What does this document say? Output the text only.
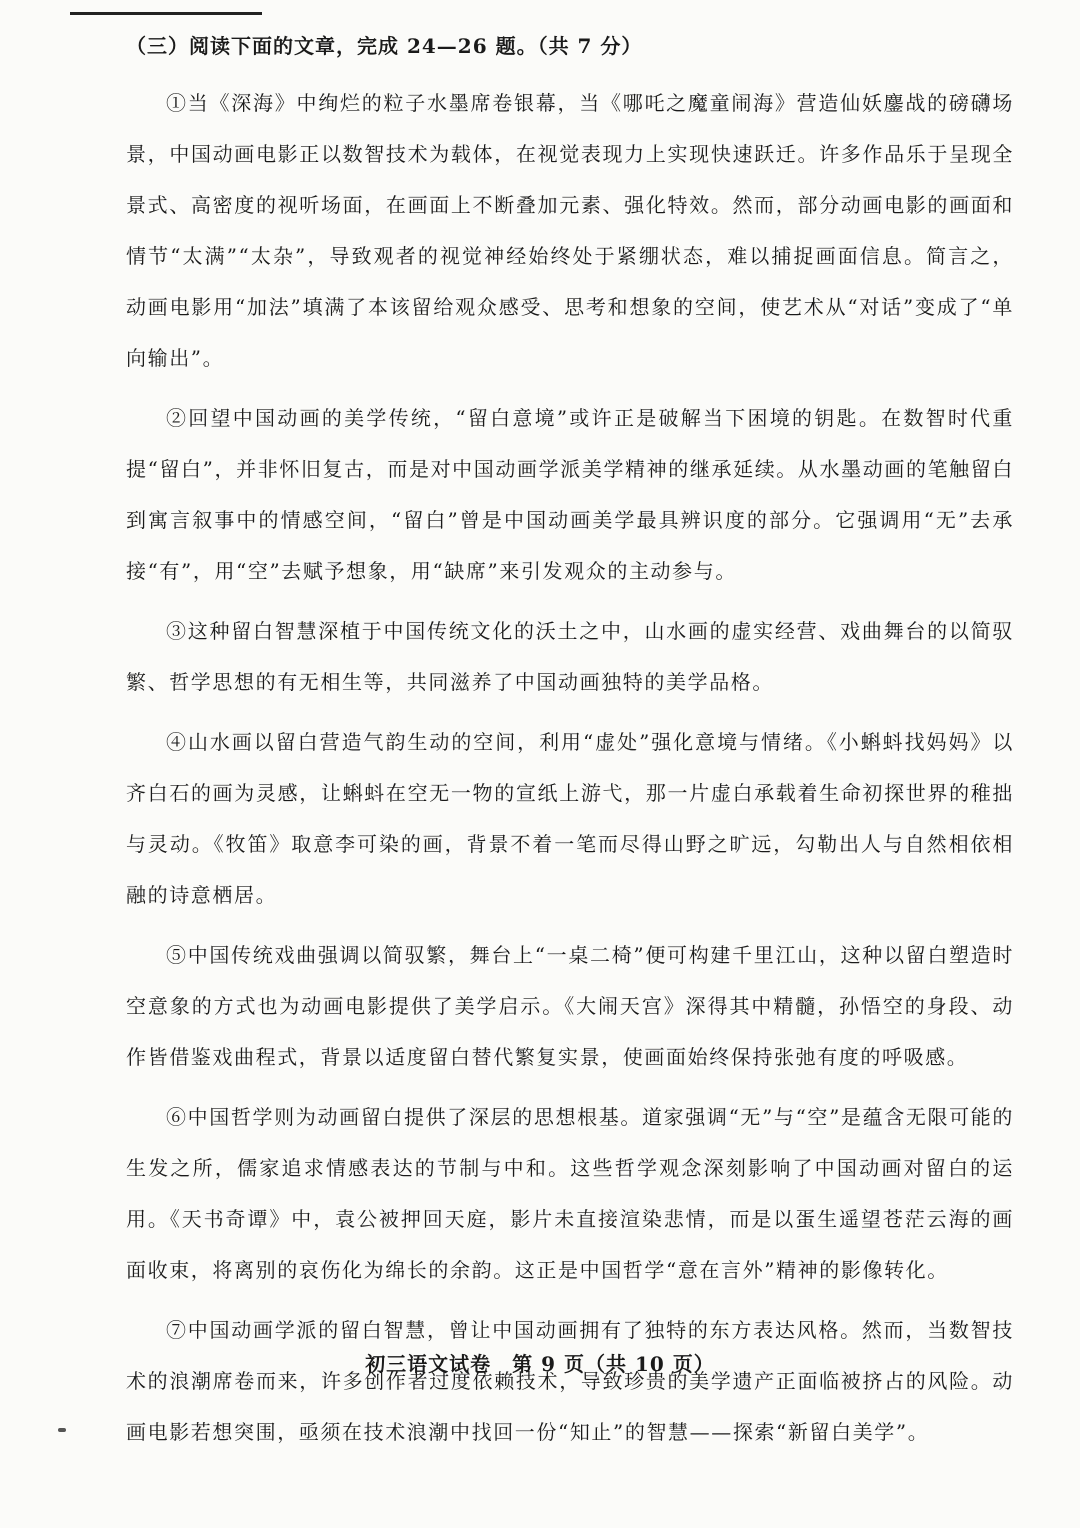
（三）阅读下面的文章，完成 24—26 题。（共 7 分）

①当《深海》中绚烂的粒子水墨席卷银幕，当《哪吒之魔童闹海》营造仙妖鏖战的磅礴场景，中国动画电影正以数智技术为载体，在视觉表现力上实现快速跃迁。许多作品乐于呈现全景式、高密度的视听场面，在画面上不断叠加元素、强化特效。然而，部分动画电影的画面和情节“太满”“太杂”，导致观者的视觉神经始终处于紧绷状态，难以捕捉画面信息。简言之，动画电影用“加法”填满了本该留给观众感受、思考和想象的空间，使艺术从“对话”变成了“单向输出”。

②回望中国动画的美学传统，“留白意境”或许正是破解当下困境的钥匙。在数智时代重提“留白”，并非怀旧复古，而是对中国动画学派美学精神的继承延续。从水墨动画的笔触留白到寓言叙事中的情感空间，“留白”曾是中国动画美学最具辨识度的部分。它强调用“无”去承接“有”，用“空”去赋予想象，用“缺席”来引发观众的主动参与。

③这种留白智慧深植于中国传统文化的沃土之中，山水画的虚实经营、戏曲舞台的以简驭繁、哲学思想的有无相生等，共同滋养了中国动画独特的美学品格。

④山水画以留白营造气韵生动的空间，利用“虚处”强化意境与情绪。《小蝌蚪找妈妈》以齐白石的画为灵感，让蝌蚪在空无一物的宣纸上游弋，那一片虚白承载着生命初探世界的稚拙与灵动。《牧笛》取意李可染的画，背景不着一笔而尽得山野之旷远，勾勒出人与自然相依相融的诗意栖居。

⑤中国传统戏曲强调以简驭繁，舞台上“一桌二椅”便可构建千里江山，这种以留白塑造时空意象的方式也为动画电影提供了美学启示。《大闹天宫》深得其中精髓，孙悟空的身段、动作皆借鉴戏曲程式，背景以适度留白替代繁复实景，使画面始终保持张弛有度的呼吸感。

⑥中国哲学则为动画留白提供了深层的思想根基。道家强调“无”与“空”是蕴含无限可能的生发之所，儒家追求情感表达的节制与中和。这些哲学观念深刻影响了中国动画对留白的运用。《天书奇谭》中，袁公被押回天庭，影片未直接渲染悲情，而是以蛋生遥望苍茫云海的画面收束，将离别的哀伤化为绵长的余韵。这正是中国哲学“意在言外”精神的影像转化。

⑦中国动画学派的留白智慧，曾让中国动画拥有了独特的东方表达风格。然而，当数智技术的浪潮席卷而来，许多创作者过度依赖技术，导致珍贵的美学遗产正面临被挤占的风险。动画电影若想突围，亟须在技术浪潮中找回一份“知止”的智慧——探索“新留白美学”。

初三语文试卷　第 9 页（共 10 页）
